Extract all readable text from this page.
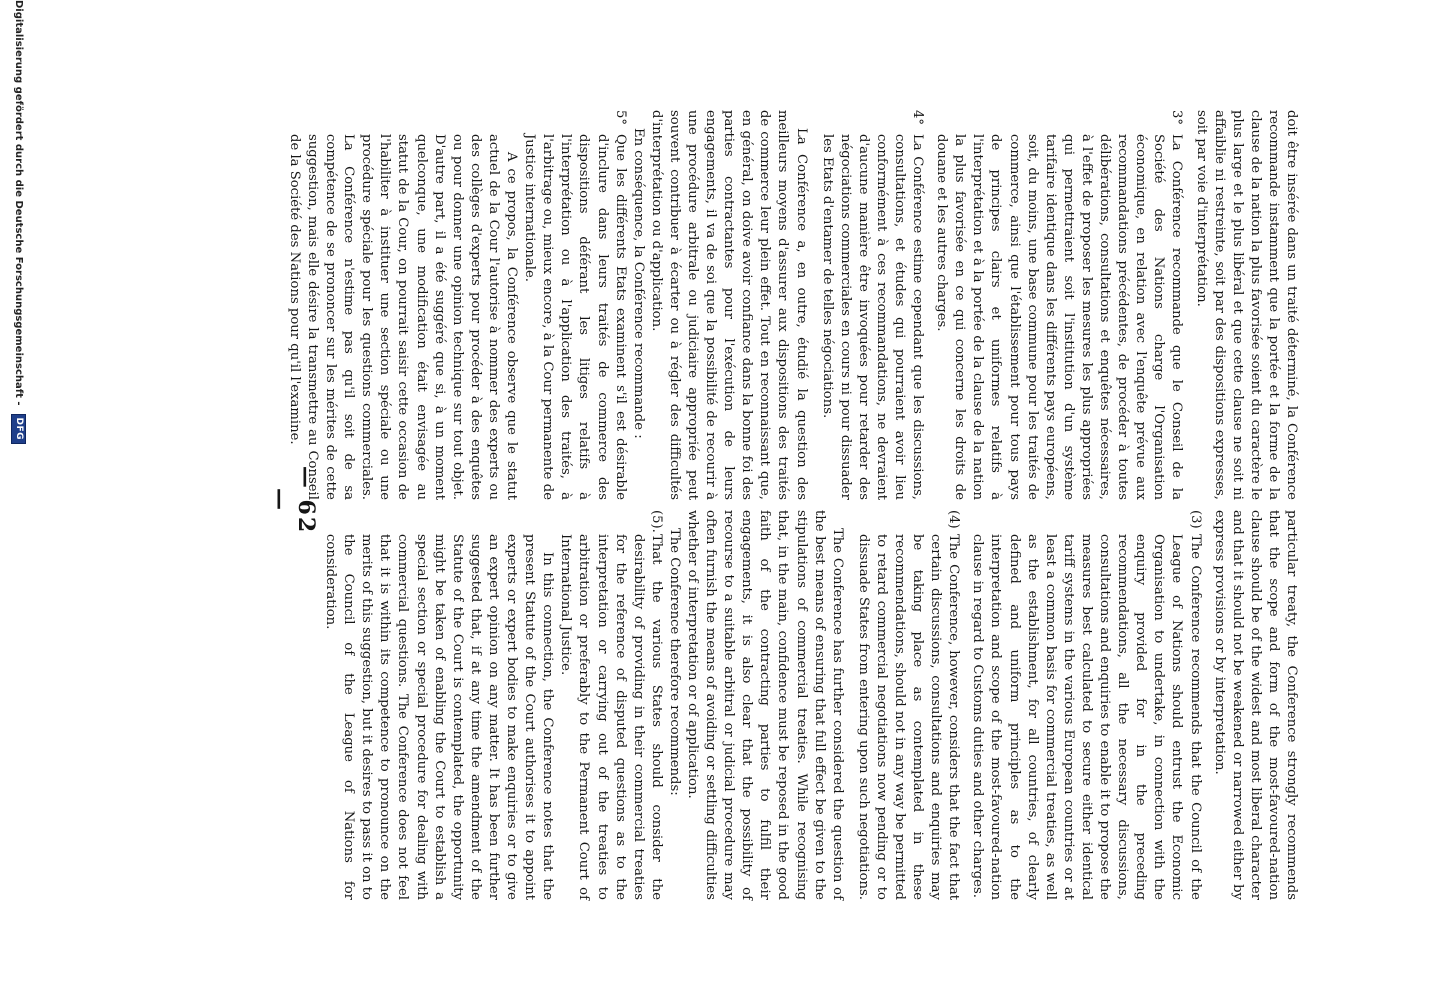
— 62 —	doit être insérée dans un traité déterminé, la Conférence recommande instamment que la portée et la forme de la clause de la nation la plus favorisée soient du caractère le plus large et le plus libéral et que cette clause ne soit ni affaiblie ni restreinte, soit par des dispositions expresses, soit par voie d'interprétation.

3°

La Conférence recommande que le Conseil de la Société des Nations charge l'Organisation économique, en relation avec l'enquête prévue aux recommandations précédentes, de procéder à toutes délibérations, consultations et enquêtes nécessaires, à l'effet de proposer les mesures les plus appropriées qui permettraient soit l'institution d'un système tarifaire identique dans les différents pays européens, soit, du moins, une base commune pour les traités de commerce, ainsi que l'établissement pour tous pays de principes clairs et uniformes relatifs à l'interprétation et à la portée de la clause de la nation la plus favorisée en ce qui concerne les droits de douane et les autres charges.

4°

La Conférence estime cependant que les discussions, consultations, et études qui pourraient avoir lieu conformément à ces recommandations, ne devraient d'aucune manière être invoquées pour retarder des négociations commerciales en cours ni pour dissuader les Etats d'entamer de telles négociations.

La Conférence a, en outre, étudié la question des meilleurs moyens d'assurer aux dispositions des traités de commerce leur plein effet. Tout en reconnaissant que, en général, on doive avoir confiance dans la bonne foi des parties contractantes pour l'exécution de leurs engagements, il va de soi que la possibilité de recourir à une procédure arbitrale ou judiciaire appropriée peut souvent contribuer à écarter ou à régler des difficultés d'interprétation ou d'application.

En conséquence, la Conférence recommande :

5°

Que les différents Etats examinent s'il est désirable d'inclure dans leurs traités de commerce des dispositions déférant les litiges relatifs à l'interprétation ou à l'application des traités, à l'arbitrage ou, mieux encore, à la Cour permanente de Justice internationale.

A ce propos, la Conférence observe que le statut actuel de la Cour l'autorise à nommer des experts ou des collèges d'experts pour procéder à des enquêtes ou pour donner une opinion technique sur tout objet. D'autre part, il a été suggéré que si, à un moment quelconque, une modification était envisagée au statut de la Cour, on pourrait saisir cette occasion de l'habiliter à instituer une section spéciale ou une procédure spéciale pour les questions commerciales. La Conférence n'estime pas qu'il soit de sa compétence de se prononcer sur les mérites de cette suggestion, mais elle désire la transmettre au Conseil de la Société des Nations pour qu'il l'examine.

particular treaty, the Conference strongly recommends that the scope and form of the most-favoured-nation clause should be of the widest and most liberal character and that it should not be weakened or narrowed either by express provisions or by interpretation.

(3)

The Conference recommends that the Council of the League of Nations should entrust the Economic Organisation to undertake, in connection with the enquiry provided for in the preceding recommendations, all the necessary discussions, consultations and enquiries to enable it to propose the measures best calculated to secure either identical tariff systems in the various European countries or at least a common basis for commercial treaties, as well as the establishment, for all countries, of clearly defined and uniform principles as to the interpretation and scope of the most-favoured-nation clause in regard to Customs duties and other charges.

(4)

The Conference, however, considers that the fact that certain discussions, consultations and enquiries may be taking place as contemplated in these recommendations, should not in any way be permitted to retard commercial negotiations now pending or to dissuade States from entering upon such negotiations.

The Conference has further considered the question of the best means of ensuring that full effect be given to the stipulations of commercial treaties. While recognising that, in the main, confidence must be reposed in the good faith of the contracting parties to fulfil their engagements, it is also clear that the possibility of recourse to a suitable arbitral or judicial procedure may often furnish the means of avoiding or settling difficulties whether of interpretation or of application.

The Conference therefore recommends:

(5).

That the various States should consider the desirability of providing in their commercial treaties for the reference of disputed questions as to the interpretation or carrying out of the treaties to arbitration or preferably to the Permanent Court of International Justice.

In this connection, the Conference notes that the present Statute of the Court authorises it to appoint experts or expert bodies to make enquiries or to give an expert opinion on any matter. It has been further suggested that, if at any time the amendment of the Statute of the Court is contemplated, the opportunity might be taken of enabling the Court to establish a special section or special procedure for dealing with commercial questions. The Conference does not feel that it is within its competence to pronounce on the merits of this suggestion, but it desires to pass it on to the Council of the League of Nations for consideration.

Digitalisierung gefördert durch die Deutsche Forschungsgemeinschaft -
DFG
